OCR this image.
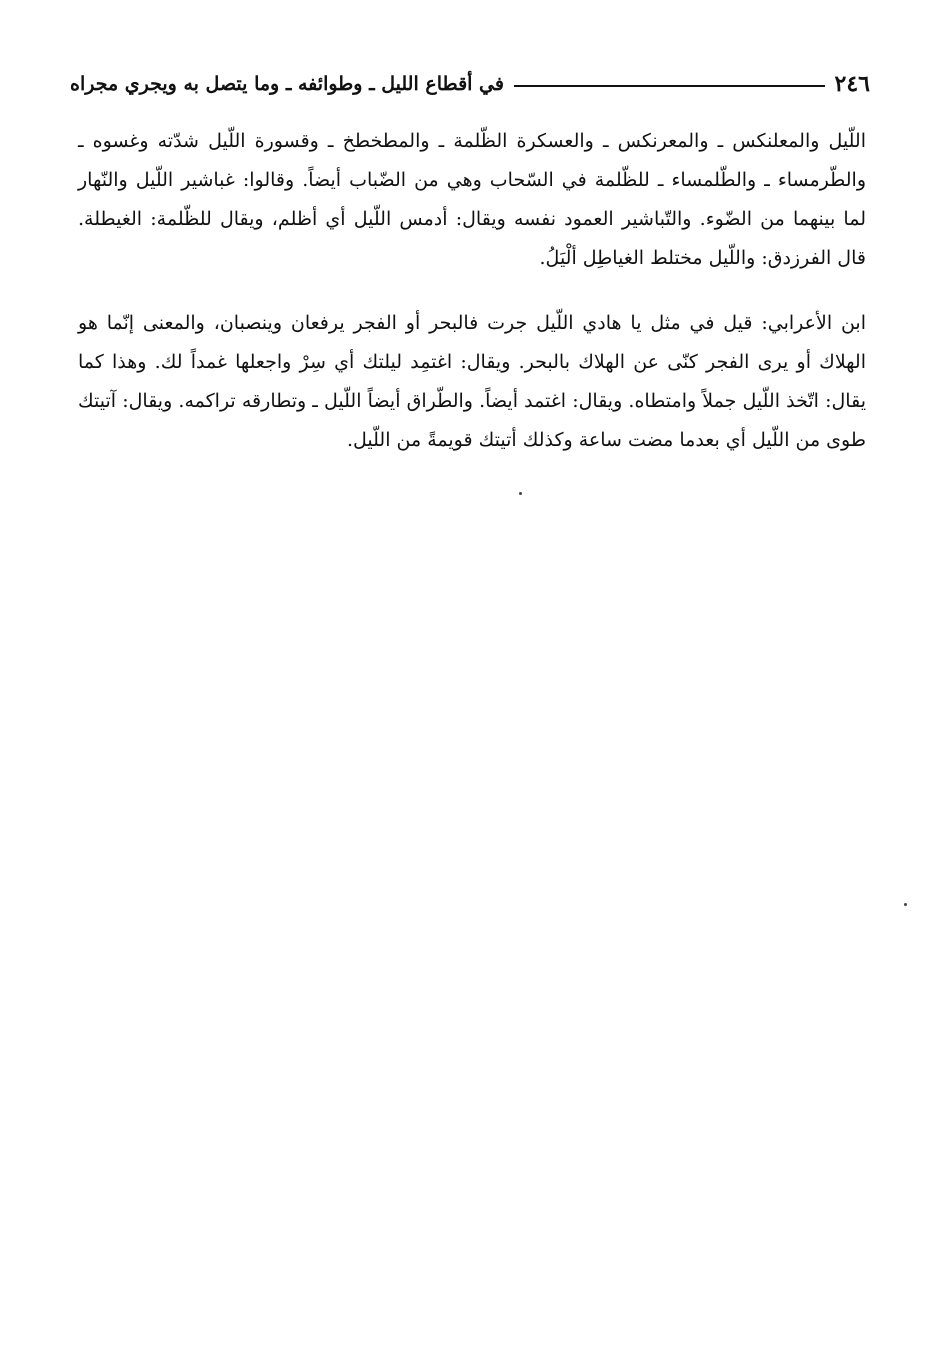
٢٤٦
في أقطاع الليل ـ وطوائفه ـ وما يتصل به ويجري مجراه

اللّيل والمعلنكس ـ والمعرنكس ـ والعسكرة الظّلمة ـ والمطخطخ ـ وقسورة اللّيل شدّته وغسوه ـ والطّرمساء ـ والطّلمساء ـ للظّلمة في السّحاب وهي من الضّباب أيضاً. وقالوا: غباشير اللّيل والنّهار لما بينهما من الضّوء. والتّباشير العمود نفسه ويقال: أدمس اللّيل أي أظلم، ويقال للظّلمة: الغيطلة. قال الفرزدق: واللّيل مختلط الغياطِل ألْيَلُ.

ابن الأعرابي: قيل في مثل يا هادي اللّيل جرت فالبحر أو الفجر يرفعان وينصبان، والمعنى إنّما هو الهلاك أو يرى الفجر كنّى عن الهلاك بالبحر. ويقال: اغتمِد ليلتك أي سِرْ واجعلها غمداً لك. وهذا كما يقال: اتّخذ اللّيل جملاً وامتطاه. ويقال: اغتمد أيضاً. والطّراق أيضاً اللّيل ـ وتطارقه تراكمه. ويقال: آتيتك طوى من اللّيل أي بعدما مضت ساعة وكذلك أتيتك قويمةً من اللّيل.
